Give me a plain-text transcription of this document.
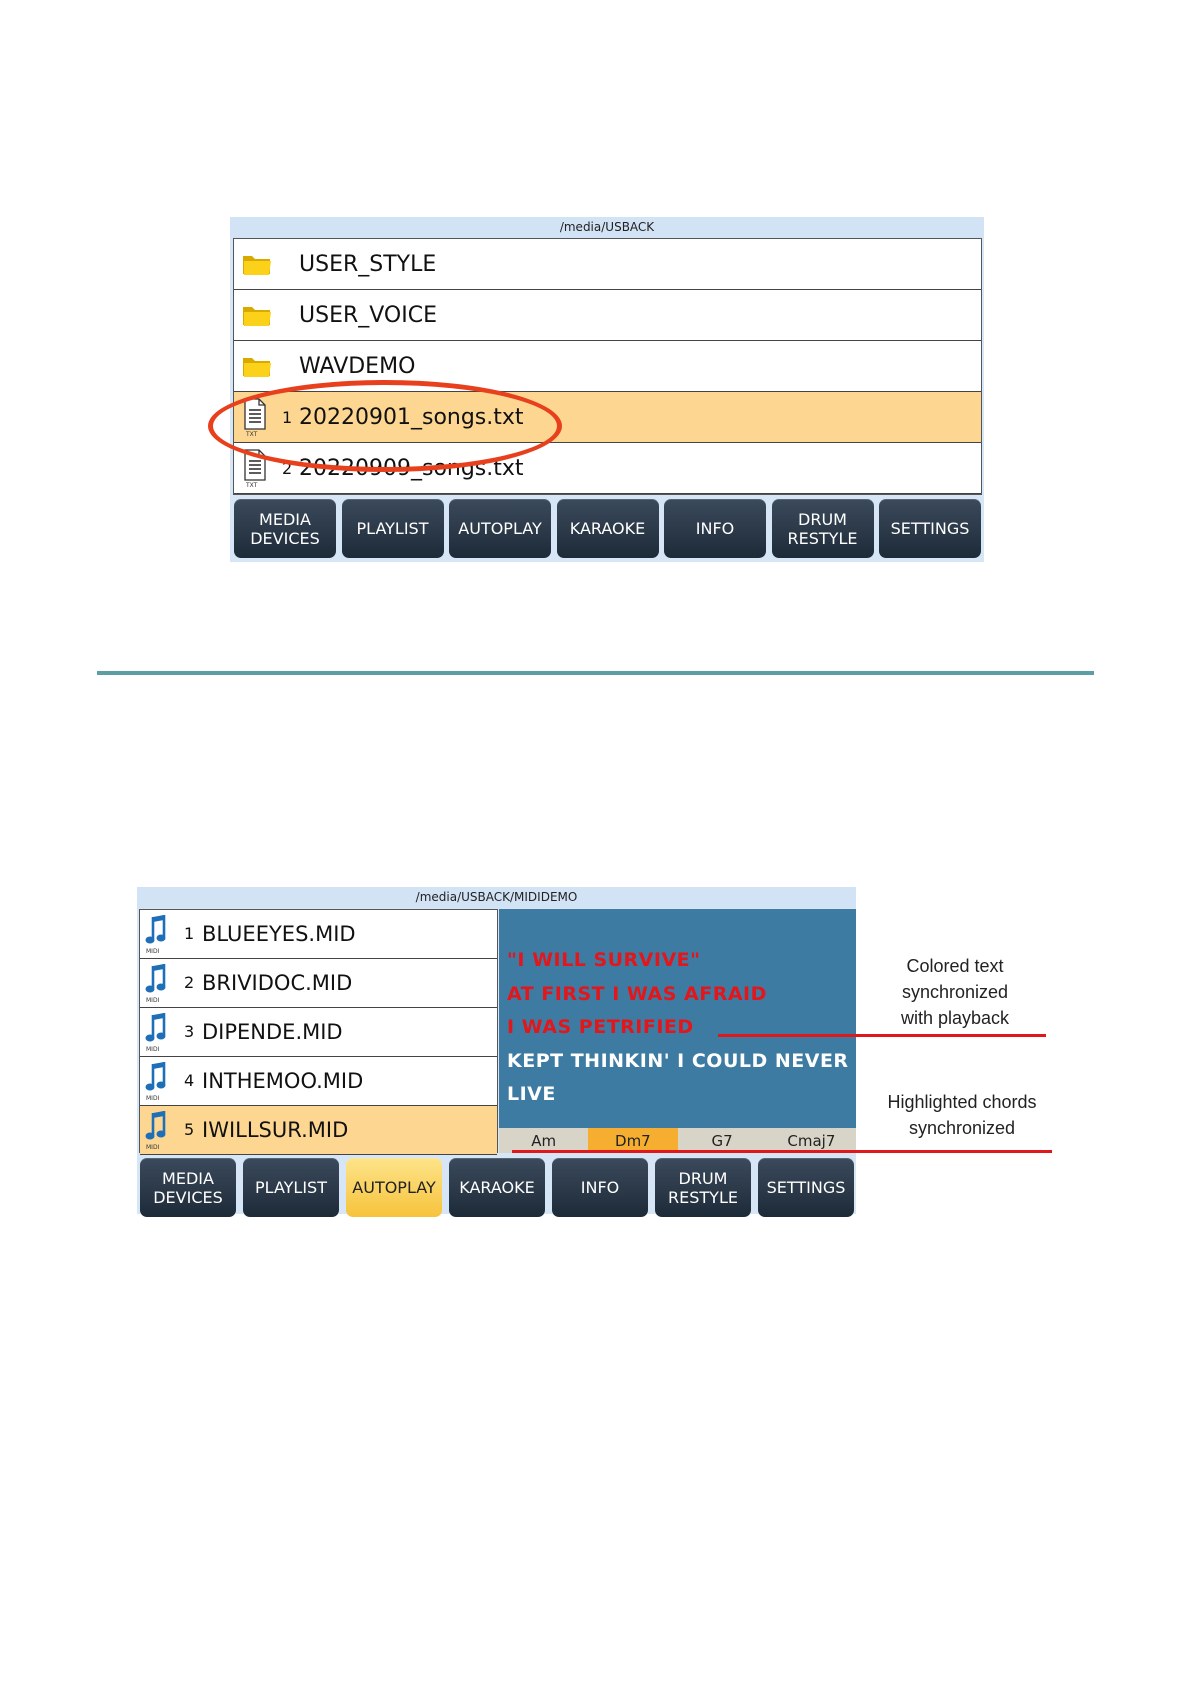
/media/USBACK
USER_STYLE
USER_VOICE
WAVDEMO
TXT
1 20220901_songs.txt
TXT
2 20220909_songs.txt
MEDIA
DEVICES PLAYLIST AUTOPLAY KARAOKE	INFO	DRUM
RESTYLE SETTINGS
/media/USBACK/MIDIDEMO
MIDI
1 BLUEEYES.MID
MIDI
2 BRIVIDOC.MID
MIDI
3 DIPENDE.MID
MIDI
4 INTHEMOO.MID
MIDI
5 IWILLSUR.MID
"I WILL SURVIVE"
AT FIRST I WAS AFRAID
I WAS PETRIFIED
KEPT THINKIN' I COULD NEVER
LIVE
Am	Dm7	G7	Cmaj7
MEDIA
DEVICES PLAYLIST AUTOPLAY KARAOKE	INFO	DRUM
RESTYLE SETTINGS
Colored text
synchronized
with playback
Highlighted chords
synchronized
